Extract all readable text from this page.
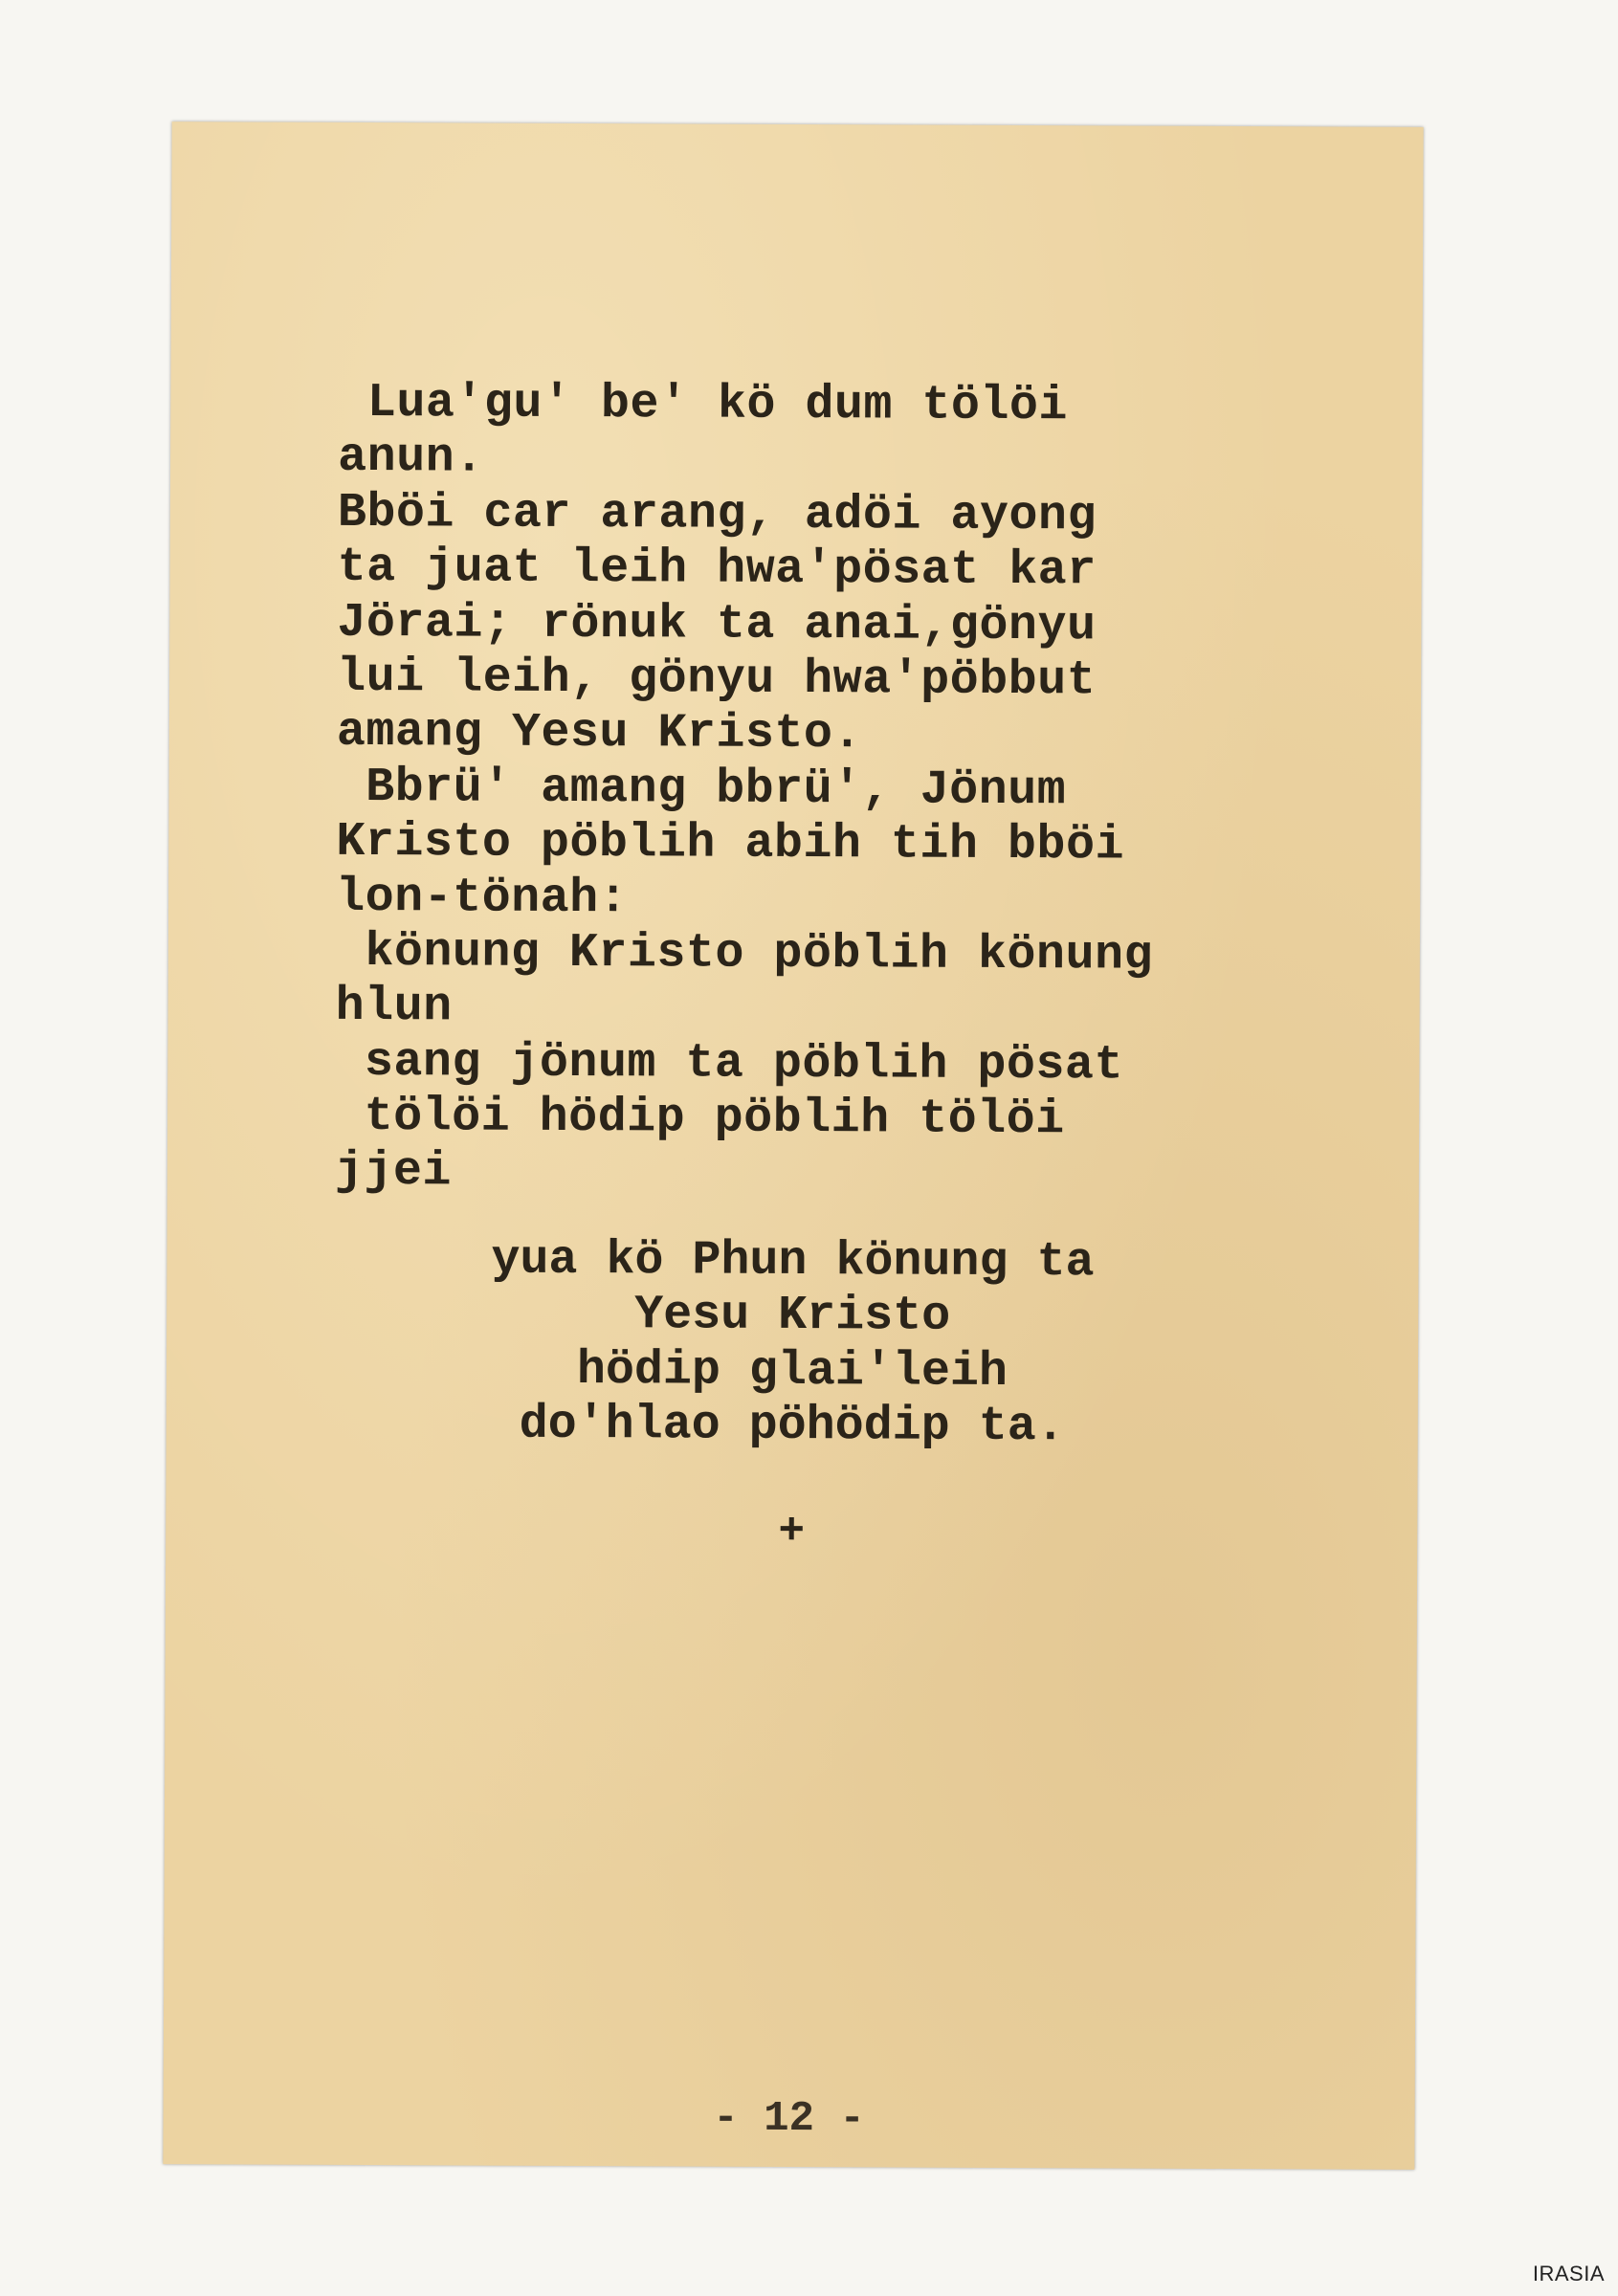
Lua'gu' be' kö dum tölöi
anun.
Bböi car arang, adöi ayong
ta juat leih hwa'pösat kar
Jörai; rönuk ta anai,gönyu
lui leih, gönyu hwa'pöbbut
amang Yesu Kristo.
Bbrü' amang bbrü', Jönum
Kristo pöblih abih tih bböi
lon-tönah:
könung Kristo pöblih könung
hlun
sang jönum ta pöblih pösat
tölöi hödip pöblih tölöi
jjei
yua kö Phun könung ta
Yesu Kristo
hödip glai'leih
do'hlao pöhödip ta.
+
- 12 -
IRASIA
